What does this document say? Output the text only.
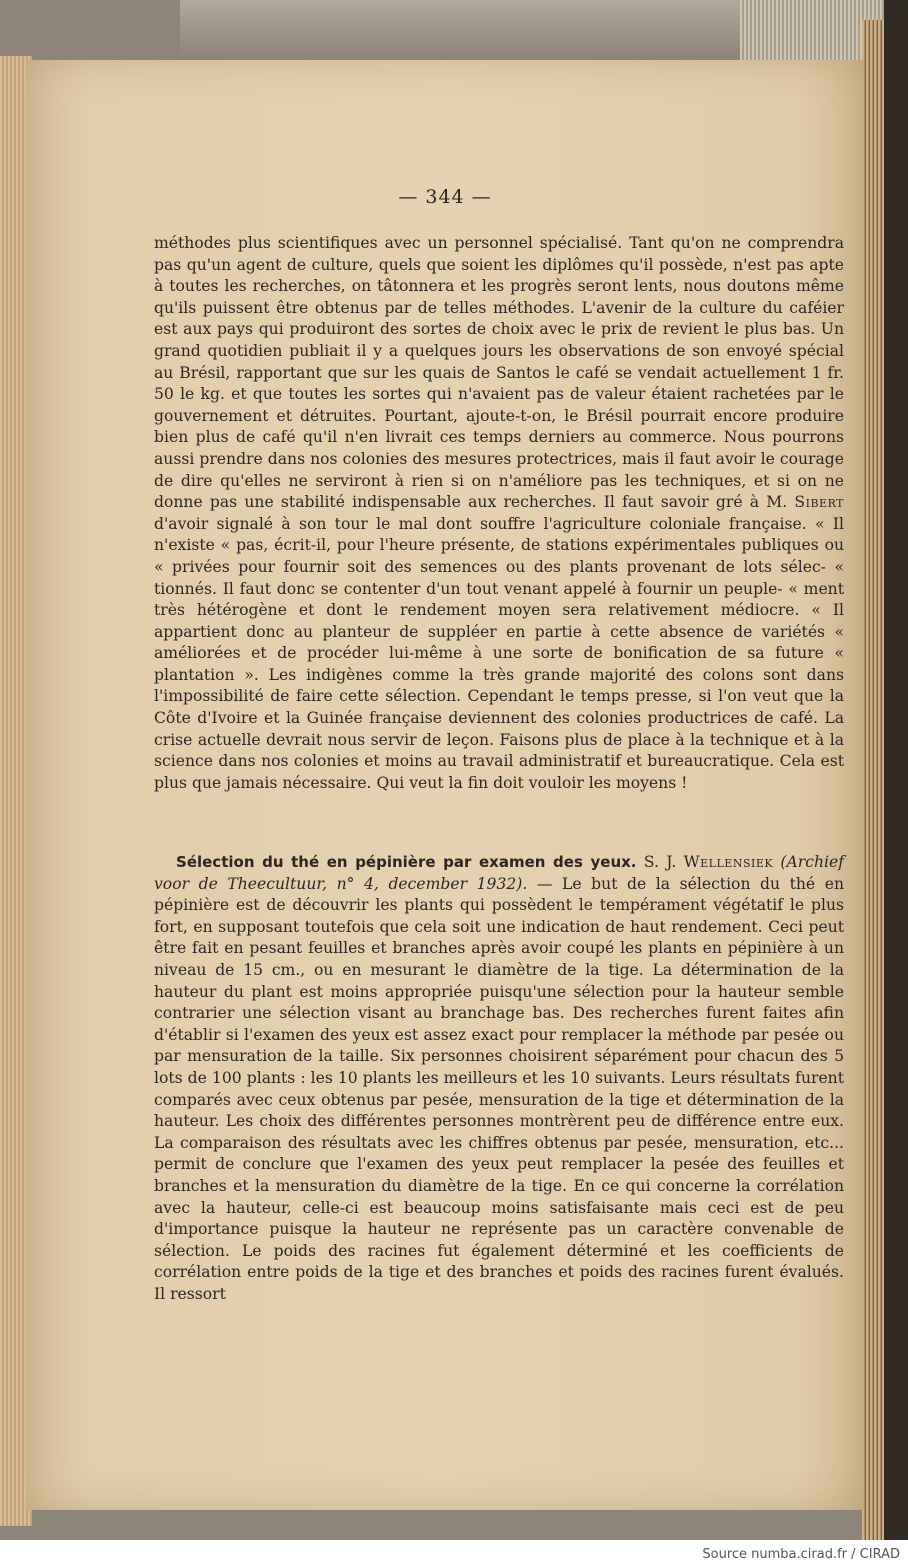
— 344 —

méthodes plus scientifiques avec un personnel spécialisé. Tant qu'on ne comprendra pas qu'un agent de culture, quels que soient les diplômes qu'il possède, n'est pas apte à toutes les recherches, on tâtonnera et les progrès seront lents, nous doutons même qu'ils puissent être obtenus par de telles méthodes. L'avenir de la culture du caféier est aux pays qui produiront des sortes de choix avec le prix de revient le plus bas. Un grand quotidien publiait il y a quelques jours les observations de son envoyé spécial au Brésil, rapportant que sur les quais de Santos le café se vendait actuellement 1 fr. 50 le kg. et que toutes les sortes qui n'avaient pas de valeur étaient rachetées par le gouvernement et détruites. Pourtant, ajoute-t-on, le Brésil pourrait encore produire bien plus de café qu'il n'en livrait ces temps derniers au commerce. Nous pourrons aussi prendre dans nos colonies des mesures protectrices, mais il faut avoir le courage de dire qu'elles ne serviront à rien si on n'améliore pas les techniques, et si on ne donne pas une stabilité indispensable aux recherches. Il faut savoir gré à M. Sibert d'avoir signalé à son tour le mal dont souffre l'agriculture coloniale française. « Il n'existe « pas, écrit-il, pour l'heure présente, de stations expérimentales publiques ou « privées pour fournir soit des semences ou des plants provenant de lots sélec- « tionnés. Il faut donc se contenter d'un tout venant appelé à fournir un peuple- « ment très hétérogène et dont le rendement moyen sera relativement médiocre. « Il appartient donc au planteur de suppléer en partie à cette absence de variétés « améliorées et de procéder lui-même à une sorte de bonification de sa future « plantation ». Les indigènes comme la très grande majorité des colons sont dans l'impossibilité de faire cette sélection. Cependant le temps presse, si l'on veut que la Côte d'Ivoire et la Guinée française deviennent des colonies productrices de café. La crise actuelle devrait nous servir de leçon. Faisons plus de place à la technique et à la science dans nos colonies et moins au travail administratif et bureaucratique. Cela est plus que jamais nécessaire. Qui veut la fin doit vouloir les moyens !

Sélection du thé en pépinière par examen des yeux. S. J. Wellensiek (Archief voor de Theecultuur, n° 4, december 1932). — Le but de la sélection du thé en pépinière est de découvrir les plants qui possèdent le tempérament végétatif le plus fort, en supposant toutefois que cela soit une indication de haut rendement. Ceci peut être fait en pesant feuilles et branches après avoir coupé les plants en pépinière à un niveau de 15 cm., ou en mesurant le diamètre de la tige. La détermination de la hauteur du plant est moins appropriée puisqu'une sélection pour la hauteur semble contrarier une sélection visant au branchage bas. Des recherches furent faites afin d'établir si l'examen des yeux est assez exact pour remplacer la méthode par pesée ou par mensuration de la taille. Six personnes choisirent séparément pour chacun des 5 lots de 100 plants : les 10 plants les meilleurs et les 10 suivants. Leurs résultats furent comparés avec ceux obtenus par pesée, mensuration de la tige et détermination de la hauteur. Les choix des différentes personnes montrèrent peu de différence entre eux. La comparaison des résultats avec les chiffres obtenus par pesée, mensuration, etc... permit de conclure que l'examen des yeux peut remplacer la pesée des feuilles et branches et la mensuration du diamètre de la tige. En ce qui concerne la corrélation avec la hauteur, celle-ci est beaucoup moins satisfaisante mais ceci est de peu d'importance puisque la hauteur ne représente pas un caractère convenable de sélection. Le poids des racines fut également déterminé et les coefficients de corrélation entre poids de la tige et des branches et poids des racines furent évalués. Il ressort

Source numba.cirad.fr / CIRAD
